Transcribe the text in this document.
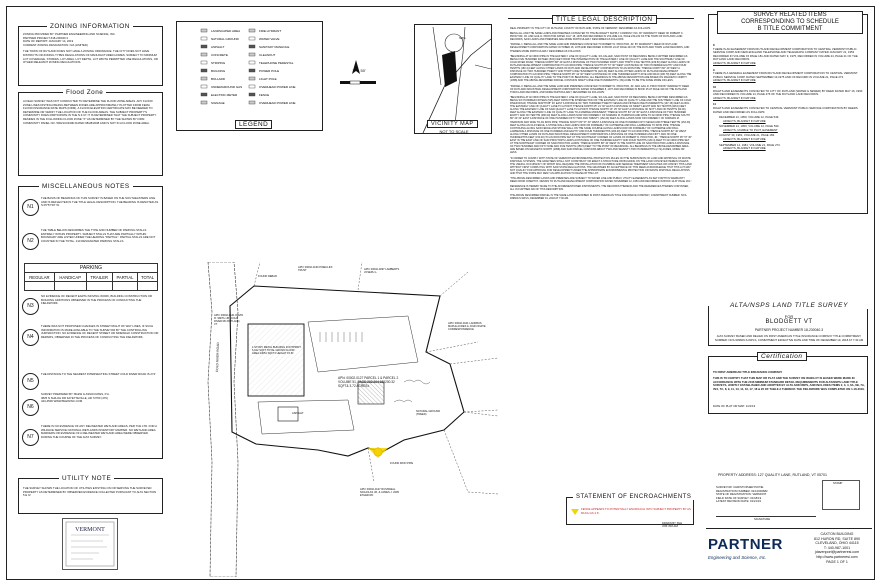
ZONING INFORMATION
ZONING PROVIDED BY: PARTNER ENGINEERING AND SCIENCE, INC.
PARTNER PROJECT #18-230040.3
DATE OF REPORT: JANUARY 14, 2019
CURRENT ZONING DESIGNATION: N/A (LIMITED)
THE TOWN OF RUTLAND DOES NOT HAVE A ZONING ORDINANCE. THE CITY DOES NOT HAVE DISTRICTS OR ZONING TYPES REGULATIONS OF MANUFACTURED HOMES, SUBJECT TO MINIMUM LOT COVERAGE, STORIES, LOT AREA, LOT DEPTH, LOT WIDTH PERMITTED USE REGULATIONS, OR OTHER RELEVANT ZONING REGULATIONS.
Flood Zone
A FIELD SURVEY WAS NOT CONDUCTED TO DETERMINE THE FLOOD ZONE AREAS. ANY FLOOD ZONE LINES DISTINGUISHING BETWEEN ZONES ARE APPROXIMATELY PLOTTED FROM FEMA FLOOD INSURANCE RATE MAPS (FIRM). A FLOOD ELEVATION CERTIFICATE MAY BE NEEDED TO DETERMINE OR VERIFY THE LOCATION OF THE FLOOD AREAS. THE SUBJECT PROPERTY'S COMMUNITY DOES PARTICIPATE IN THE N.F.I.P. IT IS DETERMINED THAT THE SUBJECT PROPERTY RESIDES IN THE FOLLOWING FLOOD ZONE "X" AS DETERMINED BY THE SHOWN BY FIRM COMMUNITY PANEL NO. 50021C0340D DATED 08/28/2008 AND IS NOT IN A FLOOD ZONE AREA.
MISCELLANEOUS NOTES
N1
THE BASIS OF BEARINGS OF THIS SURVEY IS BASED ON THE SOUTHEASTERN LINE AND IS REFLECTED IN THE TITLE LEGAL DESCRIPTION. THE BEARING IS DENOTED AS S 05°57'30" W.
N2
THE TABLE BELOW DESCRIBES THE TYPE AND NUMBER OF PARKING STALLS ENTIRELY WITHIN PROPERTY. SUBJECT STALLS THAT ARE PARTIALLY WITHIN BOUNDARY ARE LISTED UNDER THE HEADING "PARTIAL". PARTIAL STALLS ARE NOT COUNTED IN THE TOTAL. 210 DESIGNATED PARKING STALLS.
PARKING				
REGULAR	HANDICAP	TRAILER	PARTIAL	TOTAL

N3
NO EVIDENCE OF RECENT EARTH MOVING WORK, BUILDING CONSTRUCTION OR BUILDING ADDITIONS OBSERVED IN THE PROCESS OF CONDUCTING THE FIELDWORK.
N4
THERE WAS NOT PROPOSED CHANGES IN STREET RIGHT OF WAY LINES, IF SUCH INFORMATION IS MADE AVAILABLE TO THE SURVEYOR BY THE CONTROLLING JURISDICTION. NO EVIDENCE OF RECENT STREET OR SIDEWALK CONSTRUCTION OR REPAIRS, OBSERVED IN THE PROCESS OF CONDUCTING THE FIELDWORK.
N5
THE DISTANCE TO THE NEAREST INTERSECTING STREET COLD RIVER ROAD IS 274'.
N6
SURVEY PREPARED BY: BLEW & ASSOCIATES, P.A. 3825 N SHILOH DR FAYETTEVILLE, AR 72703 (479) 443-4506 WWW.BLEWINC.COM
N7
THERE IS NO EVIDENCE OF ANY DELINEATED WETLAND AREAS, PER TCE LTD. FOR A WILDLIFE SERVICE NATIONAL WETLANDS INVENTORY MAPPER. NO WETLAND AREA MARKERS OR EVIDENCE OF A DELINEATED WETLAND AREA WERE OBSERVED DURING THE COURSE OF THE ALTA SURVEY.
UTILITY NOTE
THE SURVEY SHOWN THE LOCATION OF UTILITIES EXISTING ON OR SERVING THE SURVEYED PROPERTY AS DETERMINED BY OBSERVED EVIDENCE COLLECTED PURSUANT TO ALTA SECTION 5 E IV.
VERMONT
LANDSCAPED AREA
NATURAL GROUND
ASPHALT
CONCRETE
STRIPING
BUILDING
BOLLARD
UNDERGROUND GAS
ELECTRIC METER
SIGNAGE
FIRE HYDRANT
WATER VALVE
SANITARY MANHOLE
CLEANOUT
TELEPHONE PEDESTAL
POWER POLE
LIGHT POLE
OVERHEAD POWER LINE
FENCE
OVERHEAD POWER LINE
LEGEND
1" = 50'
SITE
VICINITY MAP
NOT TO SCALE
APN: 00002-0127 PARCEL 1 & PARCEL 2 VOLUME 51, PAGE 202-204 182200.32 SQFT& 3.72 ACRES±
1-STORY METAL BUILDING FOOTPRINT: 6,912 SQFT TOTAL GROSS FLOOR AREA 23051 SQFT± HEIGHT 15.5±
FOUND REBAR
FOUND IRON PIPE
NATURAL GROUND (TREED)
ASPHALT
COLD RIVER ROAD
APN: 00002-0141 DAVID R. SMITH JR. COLD RIVER RD RUTLAND, VT
APN: 00002-0130 PINECLIFF TRUST	APN: 00002-0097 LAMBERTS JOSEPH L.
APN: 00002-0101 LANDBUS MAPLE ACRES & JOHN WHITE CORRESPONDENCE
APN: 00002-0127 RUSSWELL NICHOLAS JR. & JAMES J. 2095 ETHER RD
TITLE LEGAL DESCRIPTION
REAL PROPERTY IN THE CITY OF RUTLAND, COUNTY OF RUTLAND, STATE OF VERMONT, DESCRIBED AS FOLLOWS:
BEING ALL AND THE SAME LANDS AND PREMISES CONVEYED TO THE BLODGETT SUPPLY COMPANY, INC. BY WARRANTY DEED OF ROBERT C. PROCTOR, JR. AND GAIL D. PROCTOR DATED JULY 18, 1978 AND RECORDED IN VOLUME 141, PAGE 230-232 OF THE TOWN OF RUTLAND LAND RECORDS, SAID LANDS AND PREMISES ARE MORE PARTICULARLY DESCRIBED AS FOLLOWS:
"PARCEL 1: BEING ALL AND THE SAME LAND AND PREMISES CONVEYED TO ROBERT D. PROCTOR, JR. BY WARRANTY DEED OF RUTLAND DEVELOPMENT CORPORATION DATED OCTOBER 18, 1978 AND RECORDED IN BOOK 24 AT PAGE 443 OF THE RUTLAND TOWN LAND RECORDS, AND THEREIN MORE PARTICULARLY DESCRIBED AS FOLLOWS:
"BEGINNING AT AN IRON PIPE IN THE EASTERLY LINE OF QUALITY LANE, SO-CALLED, SAID POINT OF BEGINNING BEING FURTHER DESCRIBED AS BEING FIVE HUNDRED FIFTEEN (515) FEET FROM THE INTERSECTION OF THE EASTERLY LINE OF QUALITY LANE AND THE SOUTHERLY LINE OF COLD RIVER ROAD; THENCE NORTH 88° 40' EAST A DISTANCE OF TWO HUNDRED FORTY AND THIRTY-FIVE TENTHS (239.50) FEET ALONG LANDS OF RUTLAND DEVELOPMENT CORPORATION TO AN IRON PIPE; THENCE SOUTH 05° 57' 30" WEST A DISTANCE OF TWO HUNDRED EIGHTY AND FOUR TENTHS (180.4) FEET ALONG OTHER LANDS OF RUTLAND DEVELOPMENT CORPORATION TO AN IRON PIPE; THENCE NORTH 82° 40' WEST A DISTANCE OF TWO HUNDRED TWENTY AND THIRTY-ONE HUNDREDTHS (220.30) FEET ALONG OTHER LANDS OF RUTLAND DEVELOPMENT CORPORATION TO AN IRON PIPE; THENCE NORTH 05° 44' 30" WEST A DISTANCE OF ONE HUNDRED EIGHTY-FIVE AND 8/100 (180.78) FEET ALONG THE EASTERLY LINE OF QUALITY LANE TO THE POINT OF BEGINNING, ALL BEARINGS IN THE ABOVE DESCRIPTION ARE BASED ON MAGNETIC NORTH (1958) AND THE ABOVE-DESCRIBED PARCEL CONTAINS NINETY-NINE ONE HUNDREDTHS (.99) ACRE TO BE THE SOME MORE OR LESS.
"PARCEL II: BEING ALL AND THE SAME LAND AND PREMISES CONVEYED TO ROBERT D. PROCTOR, JR. AND GAIL D. PROCTOR BY WARRANTY DEED OF RUTLAND INDUSTRIAL DEVELOPMENT CORPORATION DATED NOVEMBER 8, 1977 AND RECORDED IN BOOK 25 AT PAGE 329 OF THE RUTLAND TOWN LAND RECORDS, AND MORE PARTICULARLY DESCRIBED AS FOLLOWS:
"BEGINNING AT AN IRON PIPE IN THE EASTERLY LINE OF QUALITY LANE, SO-CALLED, SAID POINT OF BEGINNING BEING FURTHER DESCRIBED AS BEING SIX HUNDRED FIFTEEN (515) FEET FROM THE INTERSECTION OF THE EASTERLY LINE OF QUALITY LANE AND THE SOUTHERLY LINE OF COLD RIVER ROAD; THENCE NORTH 88° 40' EAST A DISTANCE OF TWO HUNDRED TWENTY-SEVEN AND FIFTEEN ONE HUNDREDTHS (197.15) FEET ALONG THE EASTERLY LINE OF QUALITY LANE TO A POINT; THENCE NORTH 05° 21' 30" EAST A DISTANCE OF NINETY-EIGHT AND SIX TENTHS (98.6) FEET ALONG THE EASTERLY LINE OF SAID QUALITY LANE TO A POINT; THENCE NORTH 13° 25' 30" EAST A DISTANCE OF SIXTY AND NO TENTHS (60.00) FEET ALONG THE EASTERLY LINE OF QUALITY LANE TO A MARBLE MONUMENT; THENCE SOUTH 84° 20' 30" EAST A DISTANCE OF TWO HUNDRED EIGHTY AND NO TENTHS (280.00) FEET ALONG LANDS NOW OR FORMERLY OF NORMAN M. HARRISON AND WIFE TO AN IRON PIPE; THENCE SOUTH 89° 20' 30" EAST A DISTANCE OF ONE HUNDRED FIFTY-TWO AND TWENTY (152.20) FEET ALONG LANDS NOW OR FORMERLY OF NORMAN M. HARRISON AND WIFE TO AN IRON PIPE; THENCE SOUTH 05° 57' 30" WEST A DISTANCE OF ONE HUNDRED FIFTY-SEVEN AND THREE TENTHS (153.30) FEET ALONG AN OLD FENCE, A STONE WALL AND LANDS NOW OR FORMERLY OF CATHERINE AND PAUL LAWRENCE TO IRON PIPE; THENCE CONTINUING ALONG SAID FENCE AND STONE WALL ON THE SAME COURSE ALONG LANDS NOW OR FORMERLY OF CATHERINE AND PAUL LAWRENCE A DISTANCE OF ONE HUNDRED AND EIGHTY AND FOUR HUNDREDTHS (180.40) FEET TO AN IRON PIPE; THENCE NORTH 82° 40' WEST ALONG OTHER LANDS OF RUTLAND INDUSTRIAL DEVELOPMENT CORPORATION A DISTANCE OF ONE HUNDRED AND FIFTY AND NO ONE HUNDREDTHS FEET (150.00) TO AN IRON PIPE SET AT THE SOUTHEAST CORNER OF LANDS OF ROBERT D. PROCTOR, JR.; THENCE NORTH 05° 57' 30" EAST IN THE EAST LINE OF SAID PROCTOR'S LANDS A DISTANCE OF ONE HUNDRED EIGHTY AND FOUR TENTHS (180.4) FEET TO AN IRON PIPE SET AT THE NORTHEAST CORNER OF SAID PROCTOR LANDS; THENCE NORTH 88° 40' WEST IN THE NORTH LINE OF SAID PROCTOR LANDS A DISTANCE OF TWO HUNDRED AND FIFTY-NINE AND FIVE TENTHS (259.5) FEET TO THE POINT OF BEGINNING. ALL BEARINGS IN THE ABOVE-DESCRIBED AREA ARE BASED ON MAGNETIC NORTH (1958) AND SAID PARCEL CONTAINS ABOUT TWO AND SEVENTY-TWO HUNDREDTHS (2.72) ACRES, MORE OR LESS.
"IN ORDER TO COMPLY WITH STATE OF VERMONT ENVIRONMENTAL PROTECTION RULES ON THE SUBDIVISION OF LAND AND APPROVAL OF WASTE DISPOSAL SYSTEMS, THE GRANTEES SHALL NOT CONSTRUCT OR ERECT A STRUCTURE OR BUILDING ON THE LAND CONVEYED HEREIN UNLESS THE USEFUL OCCUPANCY OF WHICH WILL REQUIRE THE INSTALLATION OF PLUMBING AND SEWAGE TREATMENT FACILITIES OR CONVEY THIS LAND WITHOUT FIRST COMPLYING WITH SAID STATE REGULATIONS. THE GRANTEES BY ACCEPTANCE OF THIS DEED ACKNOWLEDGE THAT THIS LOT MAY NOT QUALIFY FOR APPROVAL FOR DEVELOPMENT UNDER THE APPROPRIATE ENVIRONMENTAL PROTECTION OR WASTE DISPOSAL REGULATIONS AND THAT THE STATE MAY DENY AN APPLICATION TO DEVELOP THE LOT.
"THE ABOVE-DESCRIBED LANDS AND PREMISES ARE SUBJECT TO WATER LINE AND PUBLIC UTILITY EASEMENTS AS SET FORTH IN WARRANTY DEED FROM JOSEPH H. DENNIS TO RUTLAND DEVELOPMENT CORPORATION DATED NOVEMBER 12, 1953 AND RECORDED IN BOOK 12 AT PAGE 181."
REFERENCE IS HEREBY MADE TO THE AFOREMENTIONED INSTRUMENTS, THE RECORDS THEREOF AND THE REFERENCES THEREIN CONTAINED, ALL IN FURTHER AID OF THIS DESCRIPTION.
THE ABOVE DESCRIBED PARCEL IS THE SAME LAND DESCRIBED IN FIRST AMERICAN TITLE INSURANCE COMPANY, COMMITMENT NUMBER: NCS-939609-S-WPLS, DECEMBER 19, 2018 AT 7:30 AM.
STATEMENT OF ENCROACHMENTS
FENCE APPEARS TO POTENTIALLY ENCROACH INTO SUBJECT PROPERTY BY AS MUCH AS 4.6'.
SURVEY RELATED ITEMS
CORRESPONDING TO SCHEDULE
B TITLE COMMITMENT
8
THERE IS AN EASEMENT FROM RUTLAND DEVELOPMENT CORPORATION TO CENTRAL VERMONT PUBLIC SERVICE CORP AND NEW ENGLAND TELEPHONE AND TELEGRAPH COMPANY DATED JANUARY 21, 1953 RECORDED IN VOLUME 15 PAGE 181 AND DATED MAY 9, 1975, RECORDED IN VOLUME 24, PAGE 21 OF THE RUTLAND LAND RECORDS.
AFFECTS, BLANKET IN NATURE
9
THERE IS A GENERAL EASEMENT FROM RUTLAND DEVELOPMENT CORPORATION TO CENTRAL VERMONT PUBLIC SERVICE CORP. DATED SEPTEMBER 13,1975 AND OF RECORD IN VOLUME 21, PAGE 273.
AFFECTS, BLANKET IN NATURE
10
RIGHTS AND EASEMENTS CONVEYED TO CITY OF RUTLAND (WATER & SEWER) BY DEED DATED MAY 16, 1990 AND RECORDED IN VOLUME 14, PAGE 476 OF THE RUTLAND LAND RECORDS.
AFFECTS, BLANKET IN NATURE
11
RIGHTS AND EASEMENTS CONVEYED TO CENTRAL VERMONT PUBLIC SERVICE CORPORATION BY DEEDS DATED AND RECORDED AS FOLLOWS:
DECEMBER 13, 1950; VOLUME 12, PAGE 549.
AFFECTS, BLANKET IN NATURE
NOVEMBER 24, 1959; VOLUME 12, PAGE 530.
AFFECTS, UNABLE TO PLOT, EASEMENT
AUGUST 30, 1981; VOLUME 21, PAGE 183.
AFFECTS, BLANKET IN NATURE
SEPTEMBER 12, 1981; VOLUME 21, PAGE 273.
AFFECTS, BLANKET IN NATURE
ALTA/NSPS LAND TITLE SURVEY
FOR
BLODGETT VT
PARTNER PROJECT NUMBER 18-230040.3
ALTA SURVEY BASED AND RELIED ON FIRST AMERICAN TITLE INSURANCE COMPANY TITLE COMMITMENT, NUMBER: NCS-939609-S-WPLS, COMMITMENT EFFECTIVE DATE AND TIME OF DECEMBER 19, 2018 AT 7:30 AM
Certification
TO FIRST AMERICAN TITLE INSURANCE COMPANY
THIS IS TO CERTIFY THAT THIS MAP OR PLAT AND THE SURVEY ON WHICH IT IS BASED WERE MADE IN ACCORDANCE WITH THE 2016 MINIMUM STANDARD DETAIL REQUIREMENTS FOR ALTA/NSPS LAND TITLE SURVEYS, JOINTLY ESTABLISHED AND ADOPTED BY ALTA AND NSPS, AND INCLUDES ITEMS 2, 3, 4, 6A, 6B, 7A, 7B1, 7C, 8, 9, 11, 13, 14, 16, 17, 18 & 20 OF TABLE A THEREOF. THE FIELDWORK WAS COMPLETED ON 1-18-2019.
DATE OF PLAT OR MAP: 1/21/19
PROPERTY ADDRESS: 127 QUALITY LANE, RUTLAND, VT 05701
SURVEYOR: CHRISTOPHER PAYNE
REGISTRATION NUMBER: 024.0000682
STATE OF REGISTRATION: VERMONT
FIELD DATE OF SURVEY: 01/18/19
LATEST REVISION DATE: 01/21/19
STAMP
SIGNATURE
DRAWN BY: BLE
JOB: 818-418
PARTNER
Engineering and Science, Inc.
CAXTON BUILDING
812 HURON RD, SUITE 890
CLEVELAND, OHIO 44115
T: 440-987-1001
jdavenport@partneresi.com
http://www.partneresi.com
PAGE 1 OF 1
